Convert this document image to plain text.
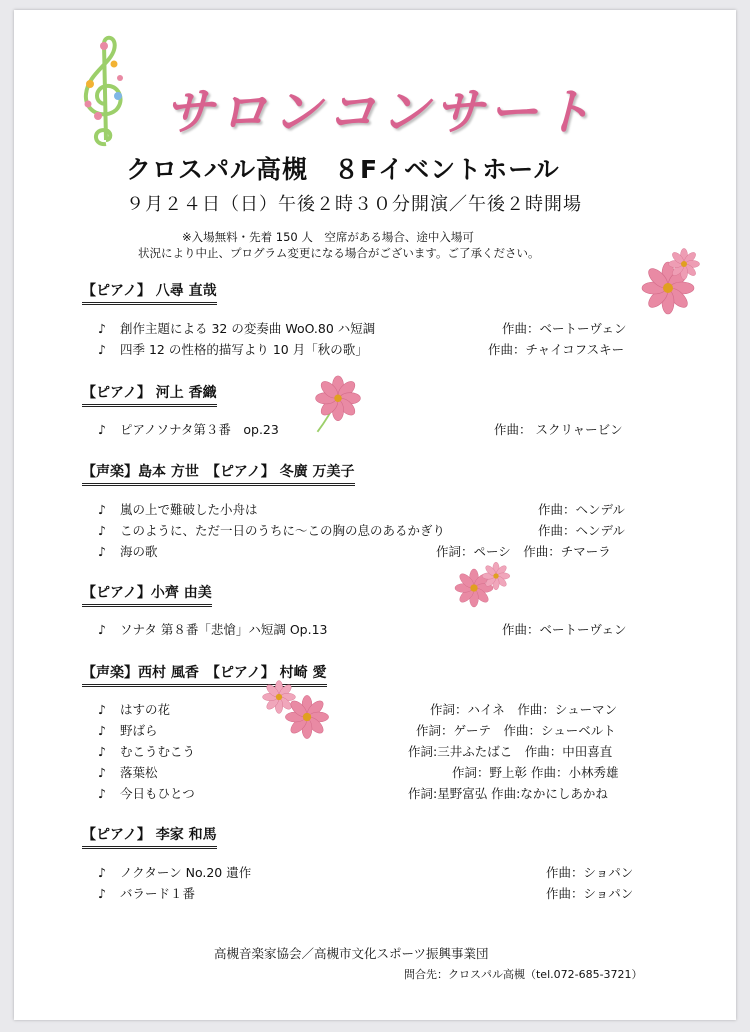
サロンコンサート
クロスパル高槻　８Fイベントホール
９月２４日（日）午後２時３０分開演／午後２時開場
※入場無料・先着 150 人　空席がある場合、途中入場可
状況により中止、プログラム変更になる場合がございます。ご了承ください。
【ピアノ】 八尋 直哉
♪ 創作主題による 32 の変奏曲 WoO.80 ハ短調	作曲：ベートーヴェン
♪ 四季 12 の性格的描写より 10 月「秋の歌」	作曲：チャイコフスキー
【ピアノ】 河上 香織
♪ ピアノソナタ第３番　op.23	作曲： スクリャービン
【声楽】島本 方世　【ピアノ】 冬廣 万美子
♪ 嵐の上で難破した小舟は	作曲：ヘンデル
♪ このように、ただ一日のうちに～この胸の息のあるかぎり	作曲：ヘンデル
♪ 海の歌	作詞：ペーシ　作曲：チマーラ
【ピアノ】小齊 由美
♪ ソナタ 第８番「悲愴」ハ短調 Op.13	作曲：ベートーヴェン
【声楽】西村 風香　【ピアノ】 村崎 愛
♪ はすの花	作詞：ハイネ　作曲：シューマン
♪ 野ばら	作詞：ゲーテ　作曲：シューベルト
♪ むこうむこう	作詞:三井ふたばこ　作曲：中田喜直
♪ 落葉松	作詞：野上彰 作曲：小林秀雄
♪ 今日もひとつ	作詞:星野富弘 作曲:なかにしあかね
【ピアノ】 李家 和馬
♪ ノクターン No.20 遺作	作曲：ショパン
♪ バラード１番	作曲：ショパン
高槻音楽家協会／高槻市文化スポーツ振興事業団
問合先：クロスパル高槻（tel.072-685-3721）
